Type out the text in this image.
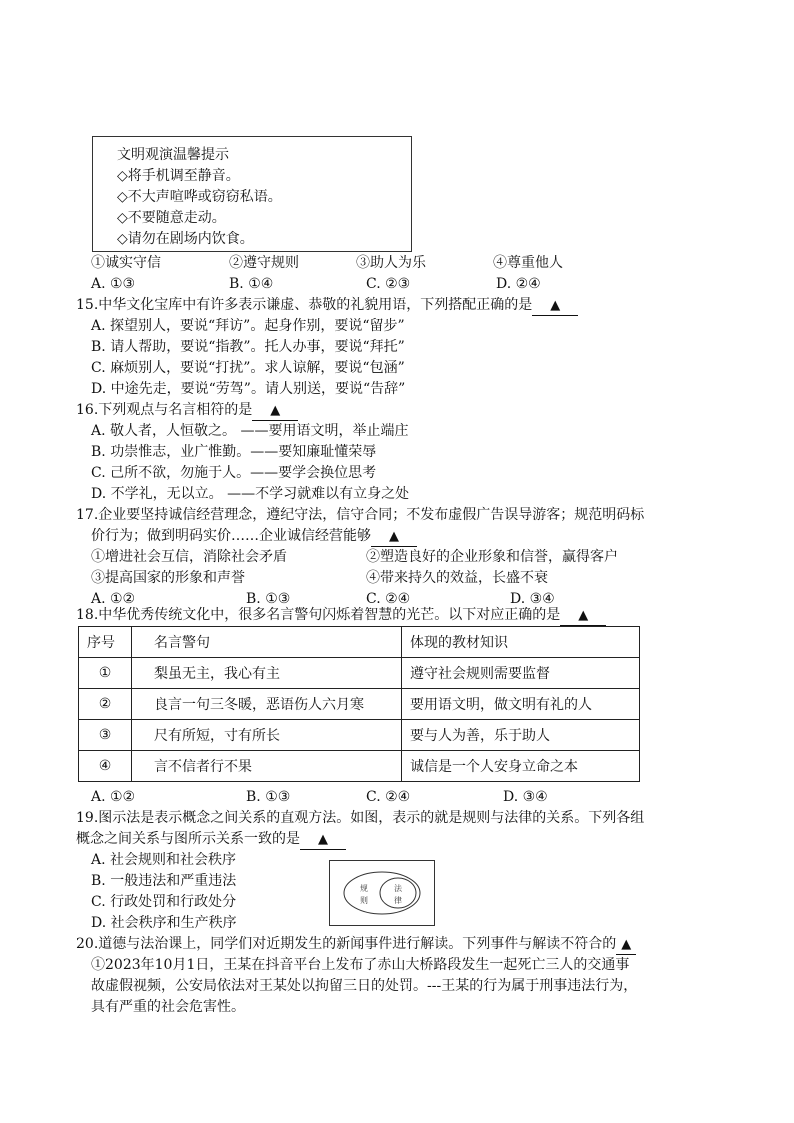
文明观演温馨提示
◇将手机调至静音。
◇不大声喧哗或窃窃私语。
◇不要随意走动。
◇请勿在剧场内饮食。
①诚实守信	②遵守规则	③助人为乐	④尊重他人
A. ①③	B. ①④	C. ②③	D. ②④
15.中华文化宝库中有许多表示谦虚、恭敬的礼貌用语，下列搭配正确的是 ▲
A. 探望别人，要说“拜访”。起身作别，要说“留步”
B. 请人帮助，要说“指教”。托人办事，要说“拜托”
C. 麻烦别人，要说“打扰”。求人谅解，要说“包涵”
D. 中途先走，要说“劳驾”。请人别送，要说“告辞”
16.下列观点与名言相符的是 ▲
A. 敬人者，人恒敬之。 ——要用语文明，举止端庄
B. 功崇惟志，业广惟勤。——要知廉耻懂荣辱
C. 己所不欲，勿施于人。——要学会换位思考
D. 不学礼，无以立。 ——不学习就难以有立身之处
17.企业要坚持诚信经营理念，遵纪守法，信守合同；不发布虚假广告误导游客；规范明码标
价行为；做到明码实价……企业诚信经营能够 ▲
①增进社会互信，消除社会矛盾	②塑造良好的企业形象和信誉，赢得客户
③提高国家的形象和声誉	④带来持久的效益，长盛不衰
A. ①②	B. ①③	C. ②④	D. ③④
18.中华优秀传统文化中，很多名言警句闪烁着智慧的光芒。以下对应正确的是 ▲
序号	名言警句	体现的教材知识
①	梨虽无主，我心有主	遵守社会规则需要监督
②	良言一句三冬暖，恶语伤人六月寒	要用语文明，做文明有礼的人
③	尺有所短，寸有所长	要与人为善，乐于助人
④	言不信者行不果	诚信是一个人安身立命之本
A. ①②	B. ①③	C. ②④	D. ③④
19.图示法是表示概念之间关系的直观方法。如图，表示的就是规则与法律的关系。下列各组
概念之间关系与图所示关系一致的是 ▲
A. 社会规则和社会秩序
B. 一般违法和严重违法
C. 行政处罚和行政处分
D. 社会秩序和生产秩序
规
则
法
律
20.道德与法治课上，同学们对近期发生的新闻事件进行解读。下列事件与解读不符合的 ▲
①2023年10月1日，王某在抖音平台上发布了赤山大桥路段发生一起死亡三人的交通事
故虚假视频，公安局依法对王某处以拘留三日的处罚。---王某的行为属于刑事违法行为，
具有严重的社会危害性。
